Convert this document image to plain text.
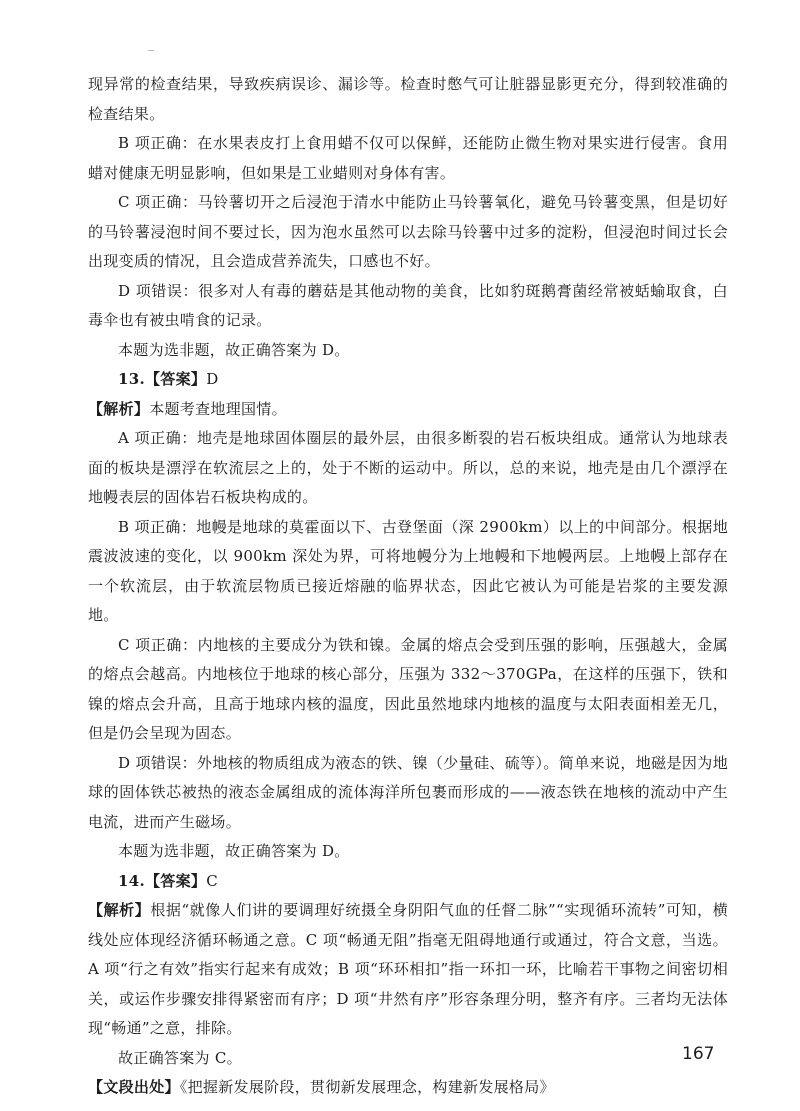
现异常的检查结果，导致疾病误诊、漏诊等。检查时憋气可让脏器显影更充分，得到较准确的检查结果。

B 项正确：在水果表皮打上食用蜡不仅可以保鲜，还能防止微生物对果实进行侵害。食用蜡对健康无明显影响，但如果是工业蜡则对身体有害。

C 项正确：马铃薯切开之后浸泡于清水中能防止马铃薯氧化，避免马铃薯变黑，但是切好的马铃薯浸泡时间不要过长，因为泡水虽然可以去除马铃薯中过多的淀粉，但浸泡时间过长会出现变质的情况，且会造成营养流失，口感也不好。

D 项错误：很多对人有毒的蘑菇是其他动物的美食，比如豹斑鹅膏菌经常被蛞蝓取食，白毒伞也有被虫啃食的记录。

本题为选非题，故正确答案为 D。

13.【答案】D

【解析】本题考查地理国情。

A 项正确：地壳是地球固体圈层的最外层，由很多断裂的岩石板块组成。通常认为地球表面的板块是漂浮在软流层之上的，处于不断的运动中。所以，总的来说，地壳是由几个漂浮在地幔表层的固体岩石板块构成的。

B 项正确：地幔是地球的莫霍面以下、古登堡面（深 2900km）以上的中间部分。根据地震波波速的变化，以 900km 深处为界，可将地幔分为上地幔和下地幔两层。上地幔上部存在一个软流层，由于软流层物质已接近熔融的临界状态，因此它被认为可能是岩浆的主要发源地。

C 项正确：内地核的主要成分为铁和镍。金属的熔点会受到压强的影响，压强越大，金属的熔点会越高。内地核位于地球的核心部分，压强为 332～370GPa，在这样的压强下，铁和镍的熔点会升高，且高于地球内核的温度，因此虽然地球内地核的温度与太阳表面相差无几，但是仍会呈现为固态。

D 项错误：外地核的物质组成为液态的铁、镍（少量硅、硫等）。简单来说，地磁是因为地球的固体铁芯被热的液态金属组成的流体海洋所包裹而形成的——液态铁在地核的流动中产生电流，进而产生磁场。

本题为选非题，故正确答案为 D。

14.【答案】C

【解析】根据“就像人们讲的要调理好统摄全身阴阳气血的任督二脉”“实现循环流转”可知，横线处应体现经济循环畅通之意。C 项“畅通无阻”指毫无阻碍地通行或通过，符合文意，当选。A 项“行之有效”指实行起来有成效；B 项“环环相扣”指一环扣一环，比喻若干事物之间密切相关，或运作步骤安排得紧密而有序；D 项“井然有序”形容条理分明，整齐有序。三者均无法体现“畅通”之意，排除。

故正确答案为 C。

【文段出处】《把握新发展阶段，贯彻新发展理念，构建新发展格局》

167
